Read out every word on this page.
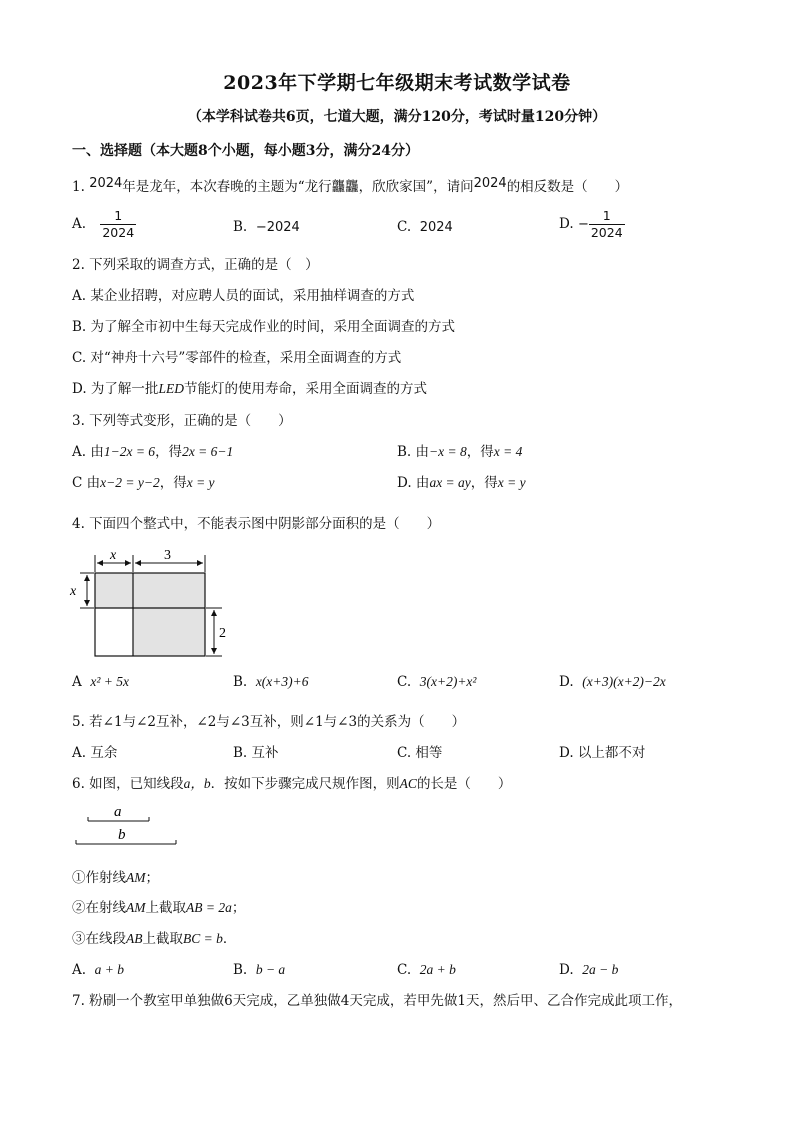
2023年下学期七年级期末考试数学试卷
（本学科试卷共6页，七道大题，满分120分，考试时量120分钟）
一、选择题（本大题8个小题，每小题3分，满分24分）
1. 2024年是龙年，本次春晚的主题为“龙行龘龘，欣欣家国”，请问2024的相反数是（　　）
A. $\frac{1}{2024}$	B. −2024	C. 2024	D. − $\frac{1}{2024}$
2. 下列采取的调查方式，正确的是（　）
A. 某企业招聘，对应聘人员的面试，采用抽样调查的方式
B. 为了解全市初中生每天完成作业的时间，采用全面调查的方式
C. 对“神舟十六号”零部件的检查，采用全面调查的方式
D. 为了解一批LED节能灯的使用寿命，采用全面调查的方式
3. 下列等式变形，正确的是（　　）
A. 由1−2x = 6，得2x = 6−1	B. 由−x = 8，得x = 4
C 由x−2 = y−2，得x = y	D. 由ax = ay，得x = y
4. 下面四个整式中，不能表示图中阴影部分面积的是（　　）
x	3
x
2
A x² + 5x	B. x(x+3)+6	C. 3(x+2)+x²	D. (x+3)(x+2)−2x
5. 若∠1与∠2互补，∠2与∠3互补，则∠1与∠3的关系为（　　）
A. 互余	B. 互补	C. 相等	D. 以上都不对
6. 如图，已知线段a，b．按如下步骤完成尺规作图，则AC的长是（　　）
a
b
①作射线AM；
②在射线AM上截取AB = 2a；
③在线段AB上截取BC = b．
A. a + b	B. b − a	C. 2a + b	D. 2a − b
7. 粉刷一个教室甲单独做6天完成，乙单独做4天完成，若甲先做1天，然后甲、乙合作完成此项工作，
